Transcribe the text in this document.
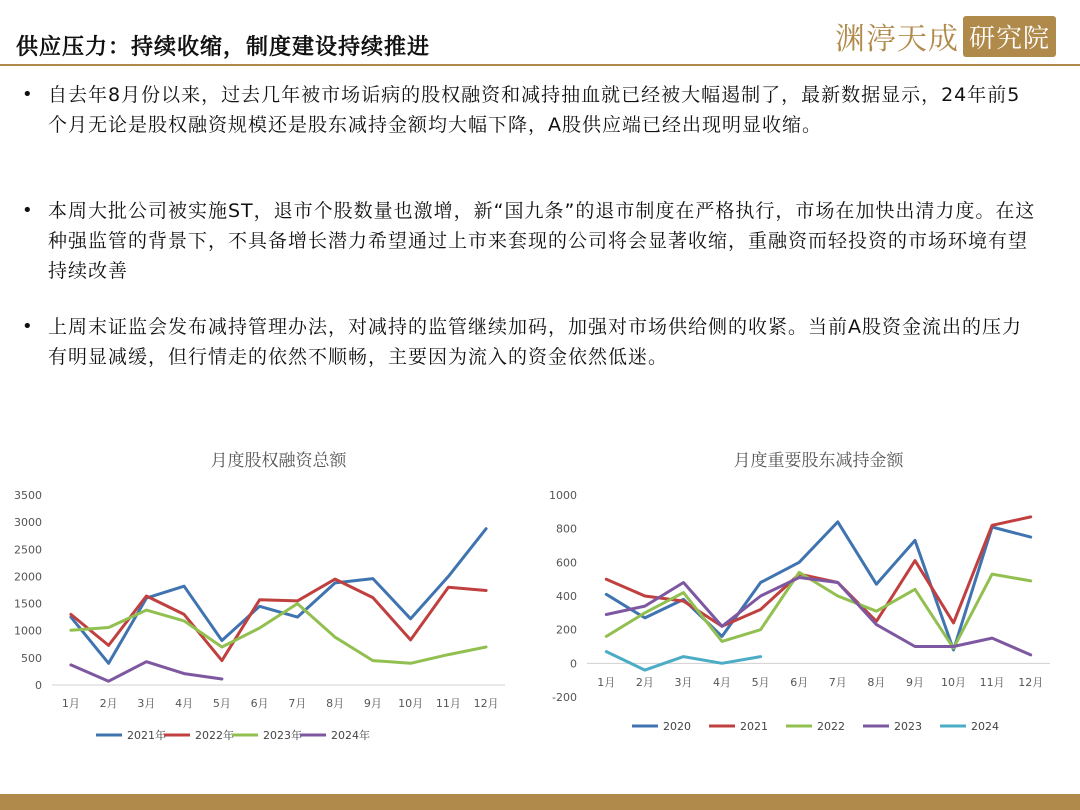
供应压力：持续收缩，制度建设持续推进	渊渟天成 研究院
• 自去年8月份以来，过去几年被市场诟病的股权融资和减持抽血就已经被大幅遏制了，最新数据显示，24年前5个月无论是股权融资规模还是股东减持金额均大幅下降，A股供应端已经出现明显收缩。
• 本周大批公司被实施ST，退市个股数量也激增，新“国九条”的退市制度在严格执行，市场在加快出清力度。在这种强监管的背景下，不具备增长潜力希望通过上市来套现的公司将会显著收缩，重融资而轻投资的市场环境有望持续改善
• 上周末证监会发布减持管理办法，对减持的监管继续加码，加强对市场供给侧的收紧。当前A股资金流出的压力有明显减缓，但行情走的依然不顺畅，主要因为流入的资金依然低迷。
月度股权融资总额
0
500
1000
1500
2000
2500
3000
3500
1月 2月 3月 4月 5月 6月 7月 8月 9月 10月 11月 12月
2021年	2022年	2023年	2024年
月度重要股东减持金额
-200
0
200
400
600
800
1000
1月 2月 3月 4月 5月 6月 7月 8月 9月 10月 11月 12月
2020	2021	2022	2023	2024
